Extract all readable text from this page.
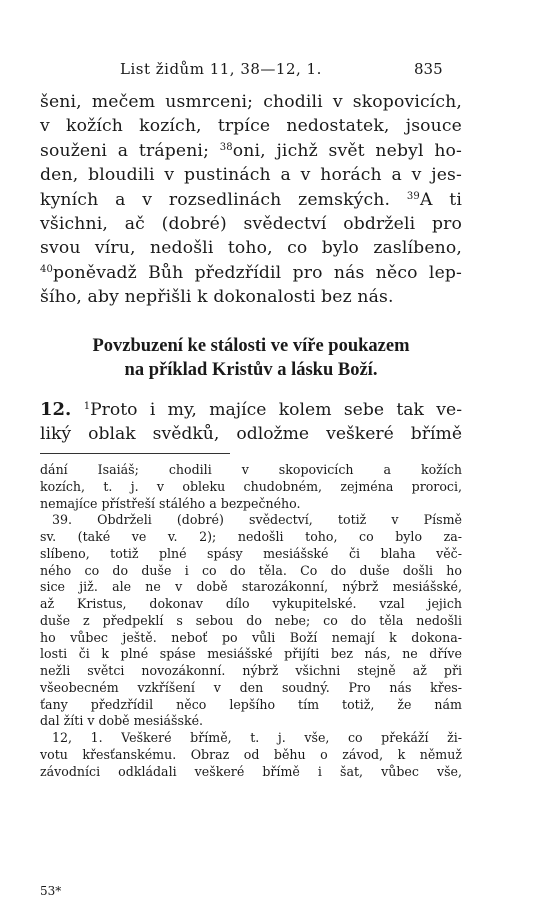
List židům 11, 38—12, 1.	835
šeni, mečem usmrceni; chodili v skopovicích,
v kožích kozích, trpíce nedostatek, jsouce
souženi a trápeni; $^{38}$oni, jichž svět nebyl ho-
den, bloudili v pustinách a v horách a v jes-
kyních a v rozsedlinách zemských. $^{39}$A ti
všichni, ač (dobré) svědectví obdrželi pro
svou víru, nedošli toho, co bylo zaslíbeno,
$^{40}$poněvadž Bůh předzřídil pro nás něco lep-
šího, aby nepřišli k dokonalosti bez nás.
Povzbuzení ke stálosti ve víře poukazem
na příklad Kristův a lásku Boží.
12. $^1$Proto i my, majíce kolem sebe tak ve-
liký oblak svědků, odložme veškeré břímě
dání Isaiáš; chodili v skopovicích a kožích
kozích, t. j. v obleku chudobném, zejména proroci,
nemajíce přístřeší stálého a bezpečného.
39. Obdrželi (dobré) svědectví, totiž v Písmě
sv. (také ve v. 2); nedošli toho, co bylo za-
slíbeno, totiž plné spásy mesiášské či blaha věč-
ného co do duše i co do těla. Co do duše došli ho
sice již. ale ne v době starozákonní, nýbrž mesiášské,
až Kristus, dokonav dílo vykupitelské. vzal jejich
duše z předpeklí s sebou do nebe; co do těla nedošli
ho vůbec ještě. neboť po vůli Boží nemají k dokona-
losti či k plné spáse mesiášské přijíti bez nás, ne dříve
nežli světci novozákonní. nýbrž všichni stejně až při
všeobecném vzkříšení v den soudný. Pro nás křes-
ťany předzřídil něco lepšího tím totiž, že nám
dal žíti v době mesiášské.
12, 1. Veškeré břímě, t. j. vše, co překáží ži-
votu křesťanskému. Obraz od běhu o závod, k němuž
závodníci odkládali veškeré břímě i šat, vůbec vše,
53*
